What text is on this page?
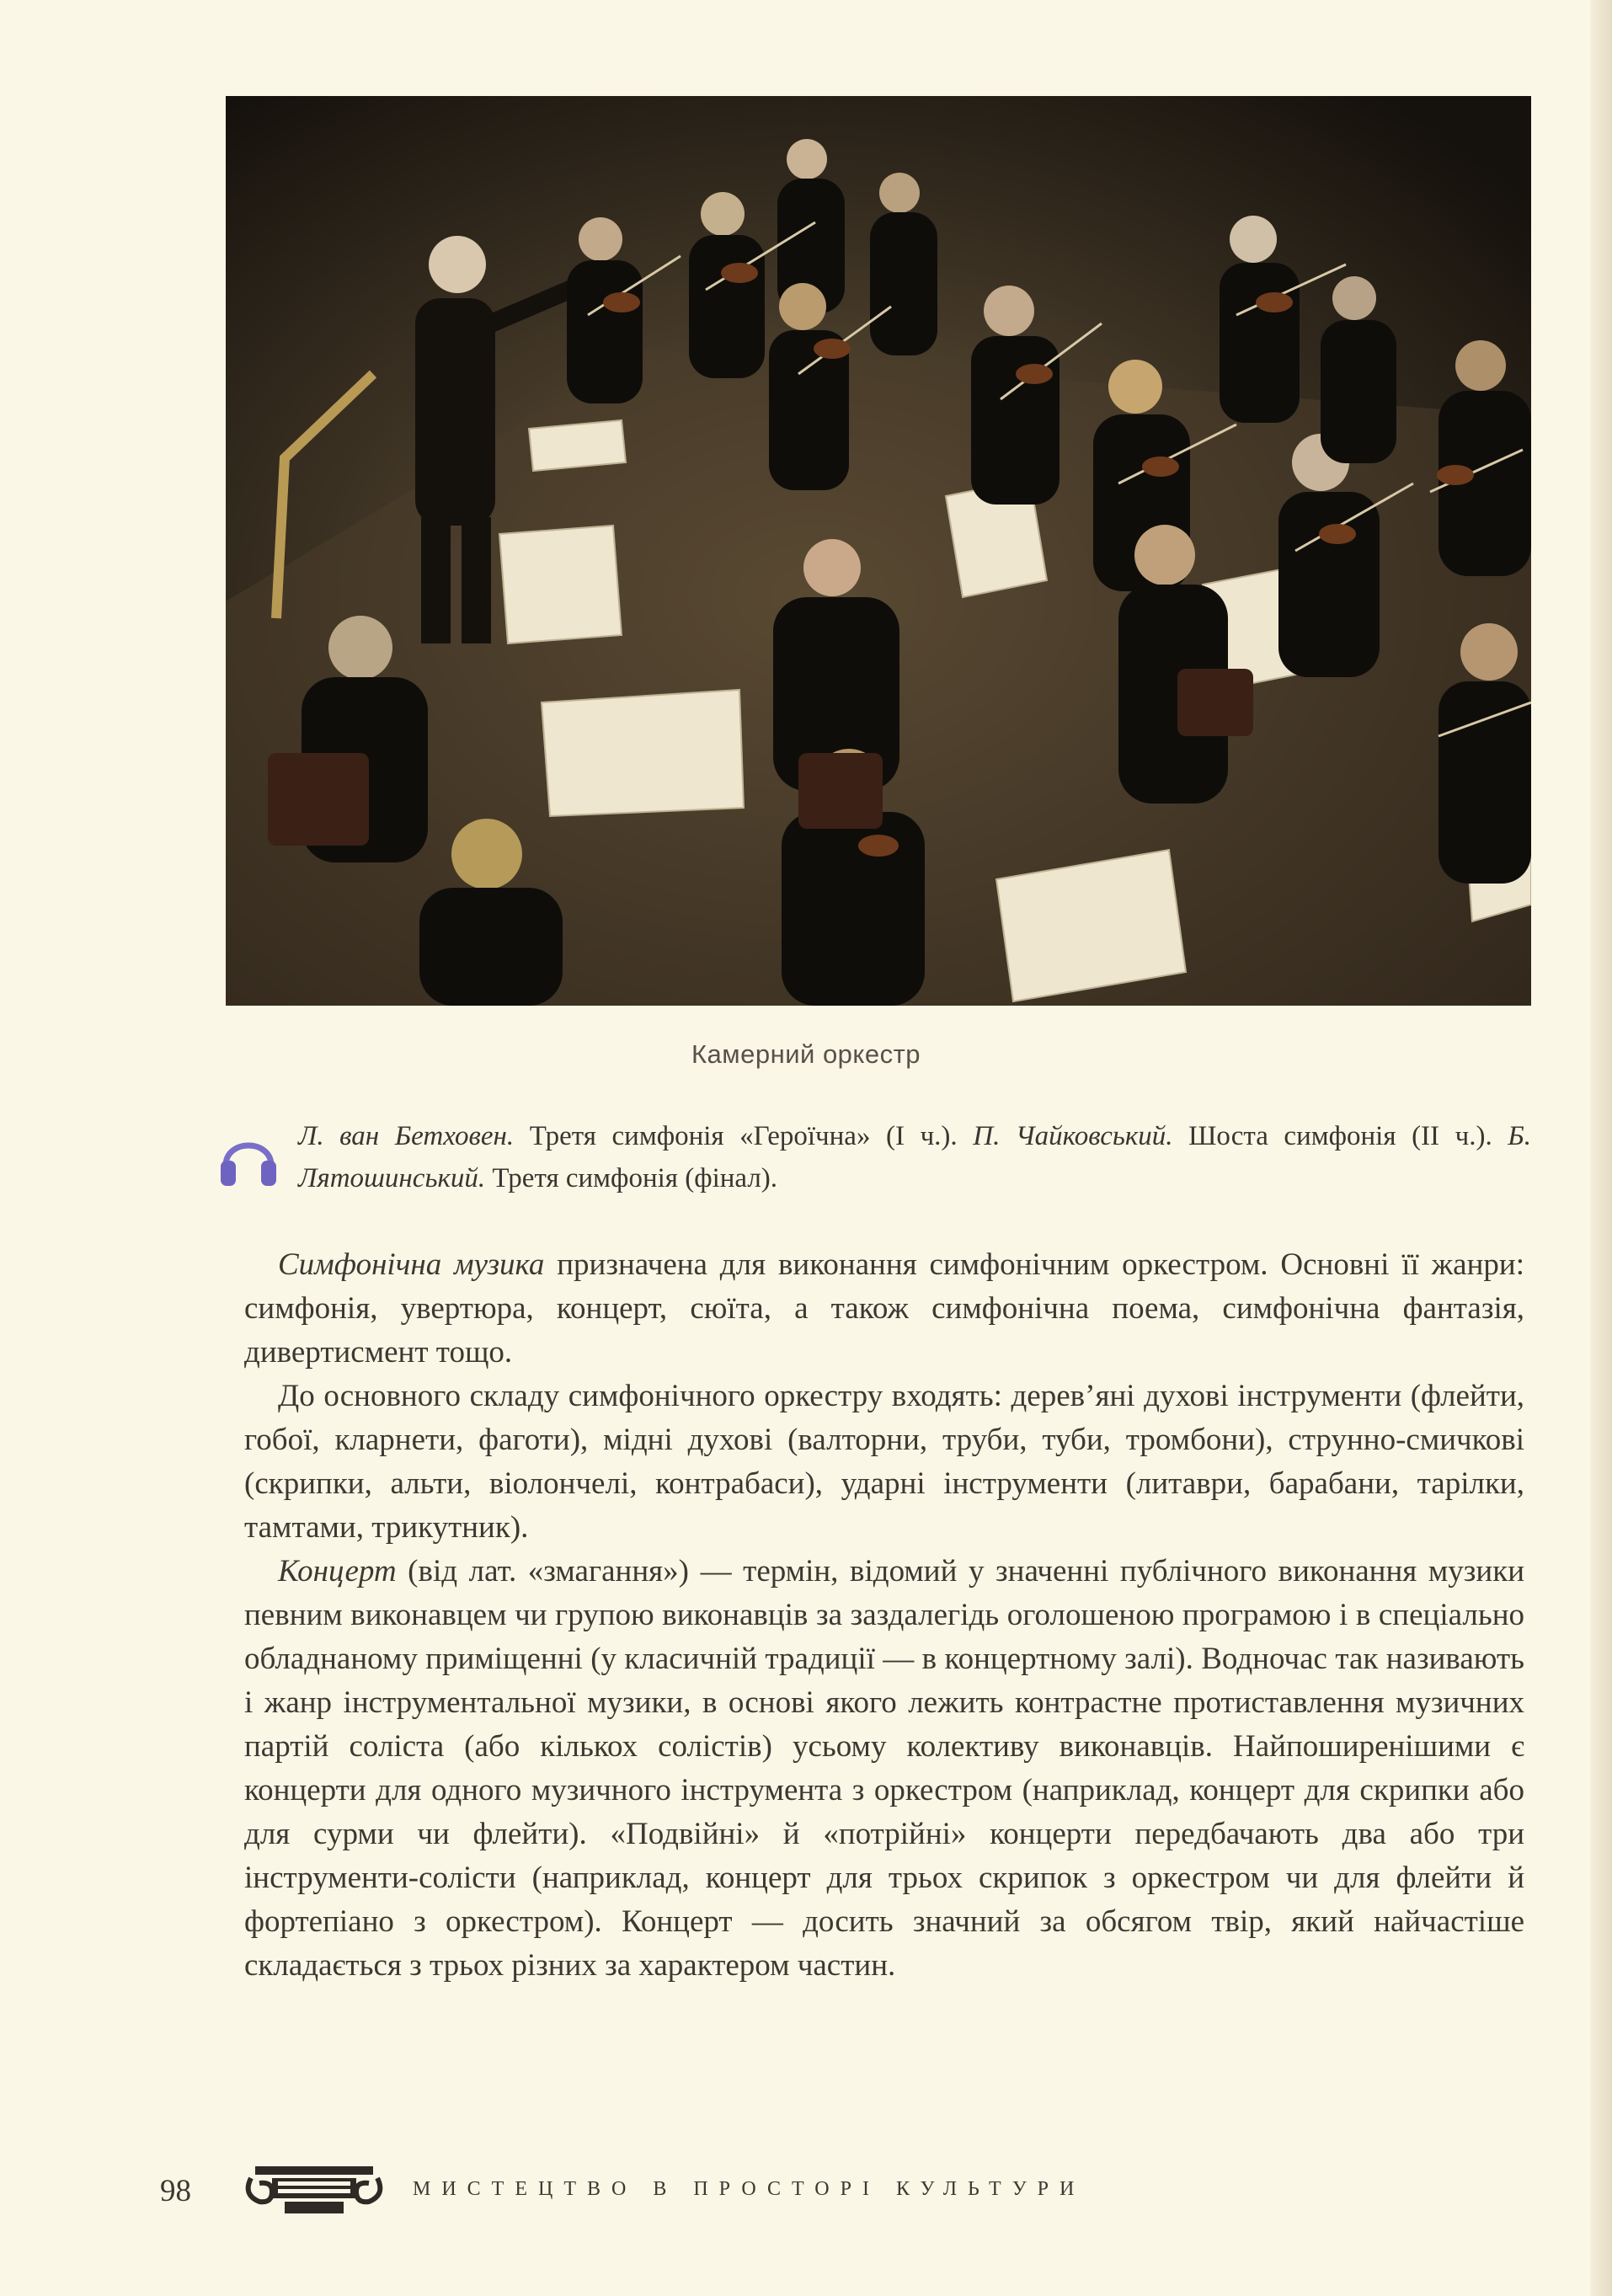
Камерний оркестр
Л. ван Бетховен. Третя симфонія «Героїчна» (І ч.). П. Чайковський. Шоста симфонія (II ч.). Б. Лятошинський. Третя симфонія (фінал).

Симфонічна музика призначена для виконання симфонічним оркестром. Основні її жанри: симфонія, увертюра, концерт, сюїта, а також симфонічна поема, симфонічна фантазія, дивертисмент тощо.

До основного складу симфонічного оркестру входять: дерев’яні духові інструменти (флейти, гобої, кларнети, фаготи), мідні духові (валторни, труби, туби, тромбони), струнно-смичкові (скрипки, альти, віолончелі, контрабаси), ударні інструменти (литаври, барабани, тарілки, тамтами, трикутник).

Концерт (від лат. «змагання») — термін, відомий у значенні публічного виконання музики певним виконавцем чи групою виконавців за заздалегідь оголошеною програмою і в спеціально обладнаному приміщенні (у класичній традиції — в концертному залі). Водночас так називають і жанр інструментальної музики, в основі якого лежить контрастне протиставлення музичних партій соліста (або кількох солістів) усьому колективу виконавців. Найпоширенішими є концерти для одного музичного інструмента з оркестром (наприклад, концерт для скрипки або для сурми чи флейти). «Подвійні» й «потрійні» концерти передбачають два або три інструменти-солісти (наприклад, концерт для трьох скрипок з оркестром чи для флейти й фортепіано з оркестром). Концерт — досить значний за обсягом твір, який найчастіше складається з трьох різних за характером частин.

98	МИСТЕЦТВО В ПРОСТОРІ КУЛЬТУРИ
